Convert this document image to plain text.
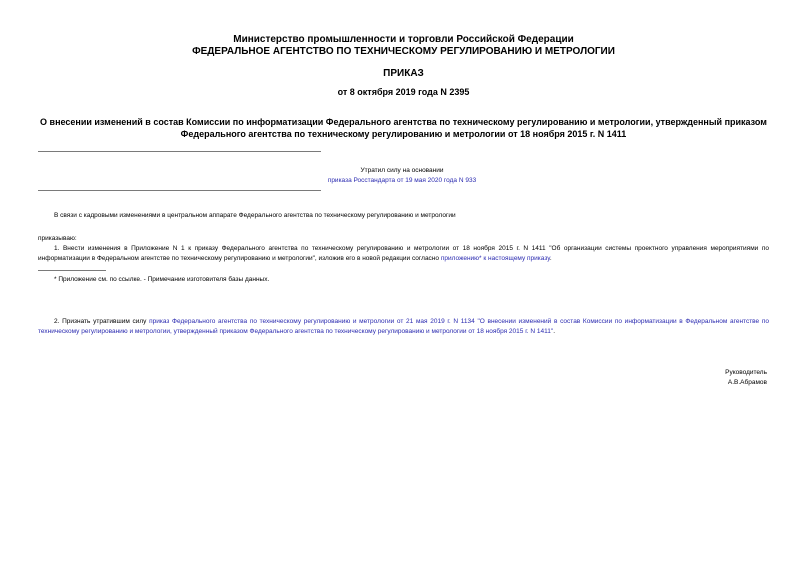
Министерство промышленности и торговли Российской Федерации
ФЕДЕРАЛЬНОЕ АГЕНТСТВО ПО ТЕХНИЧЕСКОМУ РЕГУЛИРОВАНИЮ И МЕТРОЛОГИИ
ПРИКАЗ
от 8 октября 2019 года N 2395
О внесении изменений в состав Комиссии по информатизации Федерального агентства по техническому регулированию и метрологии, утвержденный приказом Федерального агентства по техническому регулированию и метрологии от 18 ноября 2015 г. N 1411
Утратил силу на основании
приказа Росстандарта от 19 мая 2020 года N 933
В связи с кадровыми изменениями в центральном аппарате Федерального агентства по техническому регулированию и метрологии
приказываю:
1. Внести изменения в Приложение N 1 к приказу Федерального агентства по техническому регулированию и метрологии от 18 ноября 2015 г. N 1411 "Об организации системы проектного управления мероприятиями по информатизации в Федеральном агентстве по техническому регулированию и метрологии", изложив его в новой редакции согласно приложению* к настоящему приказу.
* Приложение см. по ссылке. - Примечание изготовителя базы данных.
2. Признать утратившим силу приказ Федерального агентства по техническому регулированию и метрологии от 21 мая 2019 г. N 1134 "О внесении изменений в состав Комиссии по информатизации в Федеральном агентстве по техническому регулированию и метрологии, утвержденный приказом Федерального агентства по техническому регулированию и метрологии от 18 ноября 2015 г. N 1411".
Руководитель
А.В.Абрамов
